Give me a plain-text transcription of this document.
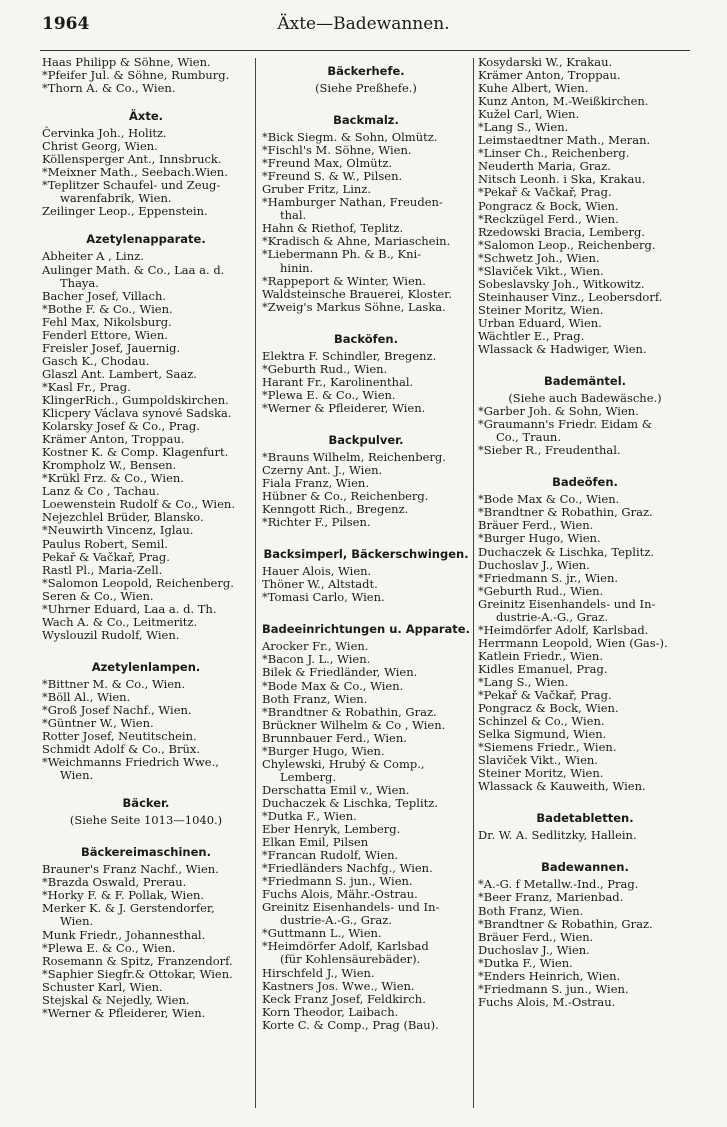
1964	Äxte—Badewannen.
Haas Philipp & Söhne, Wien.
*Pfeifer Jul. & Söhne, Rumburg.
*Thorn A. & Co., Wien.
Äxte.
Červinka Joh., Holitz.
Christ Georg, Wien.
Köllensperger Ant., Innsbruck.
*Meixner Math., Seebach.Wien.
*Teplitzer Schaufel- und Zeug-
warenfabrik, Wien.
Zeilinger Leop., Eppenstein.
Azetylenapparate.
Abheiter A , Linz.
Aulinger Math. & Co., Laa a. d.
Thaya.
Bacher Josef, Villach.
*Bothe F. & Co., Wien.
Fehl Max, Nikolsburg.
Fenderl Ettore, Wien.
Freisler Josef, Jauernig.
Gasch K., Chodau.
Glaszl Ant. Lambert, Saaz.
*Kasl Fr., Prag.
KlingerRich., Gumpoldskirchen.
Klicpery Václava synové Sadska.
Kolarsky Josef & Co., Prag.
Krämer Anton, Troppau.
Kostner K. & Comp. Klagenfurt.
Krompholz W., Bensen.
*Krükl Frz. & Co., Wien.
Lanz & Co , Tachau.
Loewenstein Rudolf & Co., Wien.
Nejezchlel Brüder, Blansko.
*Neuwirth Vincenz, Iglau.
Paulus Robert, Semil.
Pekař & Vačkař, Prag.
Rastl Pl., Maria-Zell.
*Salomon Leopold, Reichenberg.
Seren & Co., Wien.
*Uhrner Eduard, Laa a. d. Th.
Wach A. & Co., Leitmeritz.
Wyslouzil Rudolf, Wien.
Azetylenlampen.
*Bittner M. & Co., Wien.
*Böll Al., Wien.
*Groß Josef Nachf., Wien.
*Güntner W., Wien.
Rotter Josef, Neutitschein.
Schmidt Adolf & Co., Brüx.
*Weichmanns Friedrich Wwe.,
Wien.
Bäcker.
(Siehe Seite 1013—1040.)
Bäckereimaschinen.
Brauner's Franz Nachf., Wien.
*Brazda Oswald, Prerau.
*Horky F. & F. Pollak, Wien.
Merker K. & J. Gerstendorfer,
Wien.
Munk Friedr., Johannesthal.
*Plewa E. & Co., Wien.
Rosemann & Spitz, Franzendorf.
*Saphier Siegfr.& Ottokar, Wien.
Schuster Karl, Wien.
Stejskal & Nejedly, Wien.
*Werner & Pfleiderer, Wien.
Bäckerhefe.
(Siehe Preßhefe.)
Backmalz.
*Bick Siegm. & Sohn, Olmütz.
*Fischl's M. Söhne, Wien.
*Freund Max, Olmütz.
*Freund S. & W., Pilsen.
Gruber Fritz, Linz.
*Hamburger Nathan, Freuden-
thal.
Hahn & Riethof, Teplitz.
*Kradisch & Ahne, Mariaschein.
*Liebermann Ph. & B., Kni-
hinin.
*Rappeport & Winter, Wien.
Waldsteinsche Brauerei, Kloster.
*Zweig's Markus Söhne, Laska.
Backöfen.
Elektra F. Schindler, Bregenz.
*Geburth Rud., Wien.
Harant Fr., Karolinenthal.
*Plewa E. & Co., Wien.
*Werner & Pfleiderer, Wien.
Backpulver.
*Brauns Wilhelm, Reichenberg.
Czerny Ant. J., Wien.
Fiala Franz, Wien.
Hübner & Co., Reichenberg.
Kenngott Rich., Bregenz.
*Richter F., Pilsen.
Backsimperl, Bäckerschwingen.
Hauer Alois, Wien.
Thöner W., Altstadt.
*Tomasi Carlo, Wien.
Badeeinrichtungen u. Apparate.
Arocker Fr., Wien.
*Bacon J. L., Wien.
Bilek & Friedländer, Wien.
*Bode Max & Co., Wien.
Both Franz, Wien.
*Brandtner & Robathin, Graz.
Brückner Wilhelm & Co , Wien.
Brunnbauer Ferd., Wien.
*Burger Hugo, Wien.
Chylewski, Hrubý & Comp.,
Lemberg.
Derschatta Emil v., Wien.
Duchaczek & Lischka, Teplitz.
*Dutka F., Wien.
Eber Henryk, Lemberg.
Elkan Emil, Pilsen
*Francan Rudolf, Wien.
*Friedländers Nachfg., Wien.
*Friedmann S. jun., Wien.
Fuchs Alois, Mähr.-Ostrau.
Greinitz Eisenhandels- und In-
dustrie-A.-G., Graz.
*Guttmann L., Wien.
*Heimdörfer Adolf, Karlsbad
(für Kohlensäurebäder).
Hirschfeld J., Wien.
Kastners Jos. Wwe., Wien.
Keck Franz Josef, Feldkirch.
Korn Theodor, Laibach.
Korte C. & Comp., Prag (Bau).
Kosydarski W., Krakau.
Krämer Anton, Troppau.
Kuhe Albert, Wien.
Kunz Anton, M.-Weißkirchen.
Kužel Carl, Wien.
*Lang S., Wien.
Leimstaedtner Math., Meran.
*Linser Ch., Reichenberg.
Neuderth Maria, Graz.
Nitsch Leonh. i Ska, Krakau.
*Pekař & Vačkař, Prag.
Pongracz & Bock, Wien.
*Reckzügel Ferd., Wien.
Rzedowski Bracia, Lemberg.
*Salomon Leop., Reichenberg.
*Schwetz Joh., Wien.
*Slaviček Vikt., Wien.
Sobeslavsky Joh., Witkowitz.
Steinhauser Vinz., Leobersdorf.
Steiner Moritz, Wien.
Urban Eduard, Wien.
Wächtler E., Prag.
Wlassack & Hadwiger, Wien.
Bademäntel.
(Siehe auch Badewäsche.)
*Garber Joh. & Sohn, Wien.
*Graumann's Friedr. Eidam &
Co., Traun.
*Sieber R., Freudenthal.
Badeöfen.
*Bode Max & Co., Wien.
*Brandtner & Robathin, Graz.
Bräuer Ferd., Wien.
*Burger Hugo, Wien.
Duchaczek & Lischka, Teplitz.
Duchoslav J., Wien.
*Friedmann S. jr., Wien.
*Geburth Rud., Wien.
Greinitz Eisenhandels- und In-
dustrie-A.-G., Graz.
*Heimdörfer Adolf, Karlsbad.
Herrmann Leopold, Wien (Gas-).
Katlein Friedr., Wien.
Kidles Emanuel, Prag.
*Lang S., Wien.
*Pekař & Vačkař, Prag.
Pongracz & Bock, Wien.
Schinzel & Co., Wien.
Selka Sigmund, Wien.
*Siemens Friedr., Wien.
Slaviček Vikt., Wien.
Steiner Moritz, Wien.
Wlassack & Kauweith, Wien.
Badetabletten.
Dr. W. A. Sedlitzky, Hallein.
Badewannen.
*A.-G. f Metallw.-Ind., Prag.
*Beer Franz, Marienbad.
Both Franz, Wien.
*Brandtner & Robathin, Graz.
Bräuer Ferd., Wien.
Duchoslav J., Wien.
*Dutka F., Wien.
*Enders Heinrich, Wien.
*Friedmann S. jun., Wien.
Fuchs Alois, M.-Ostrau.
